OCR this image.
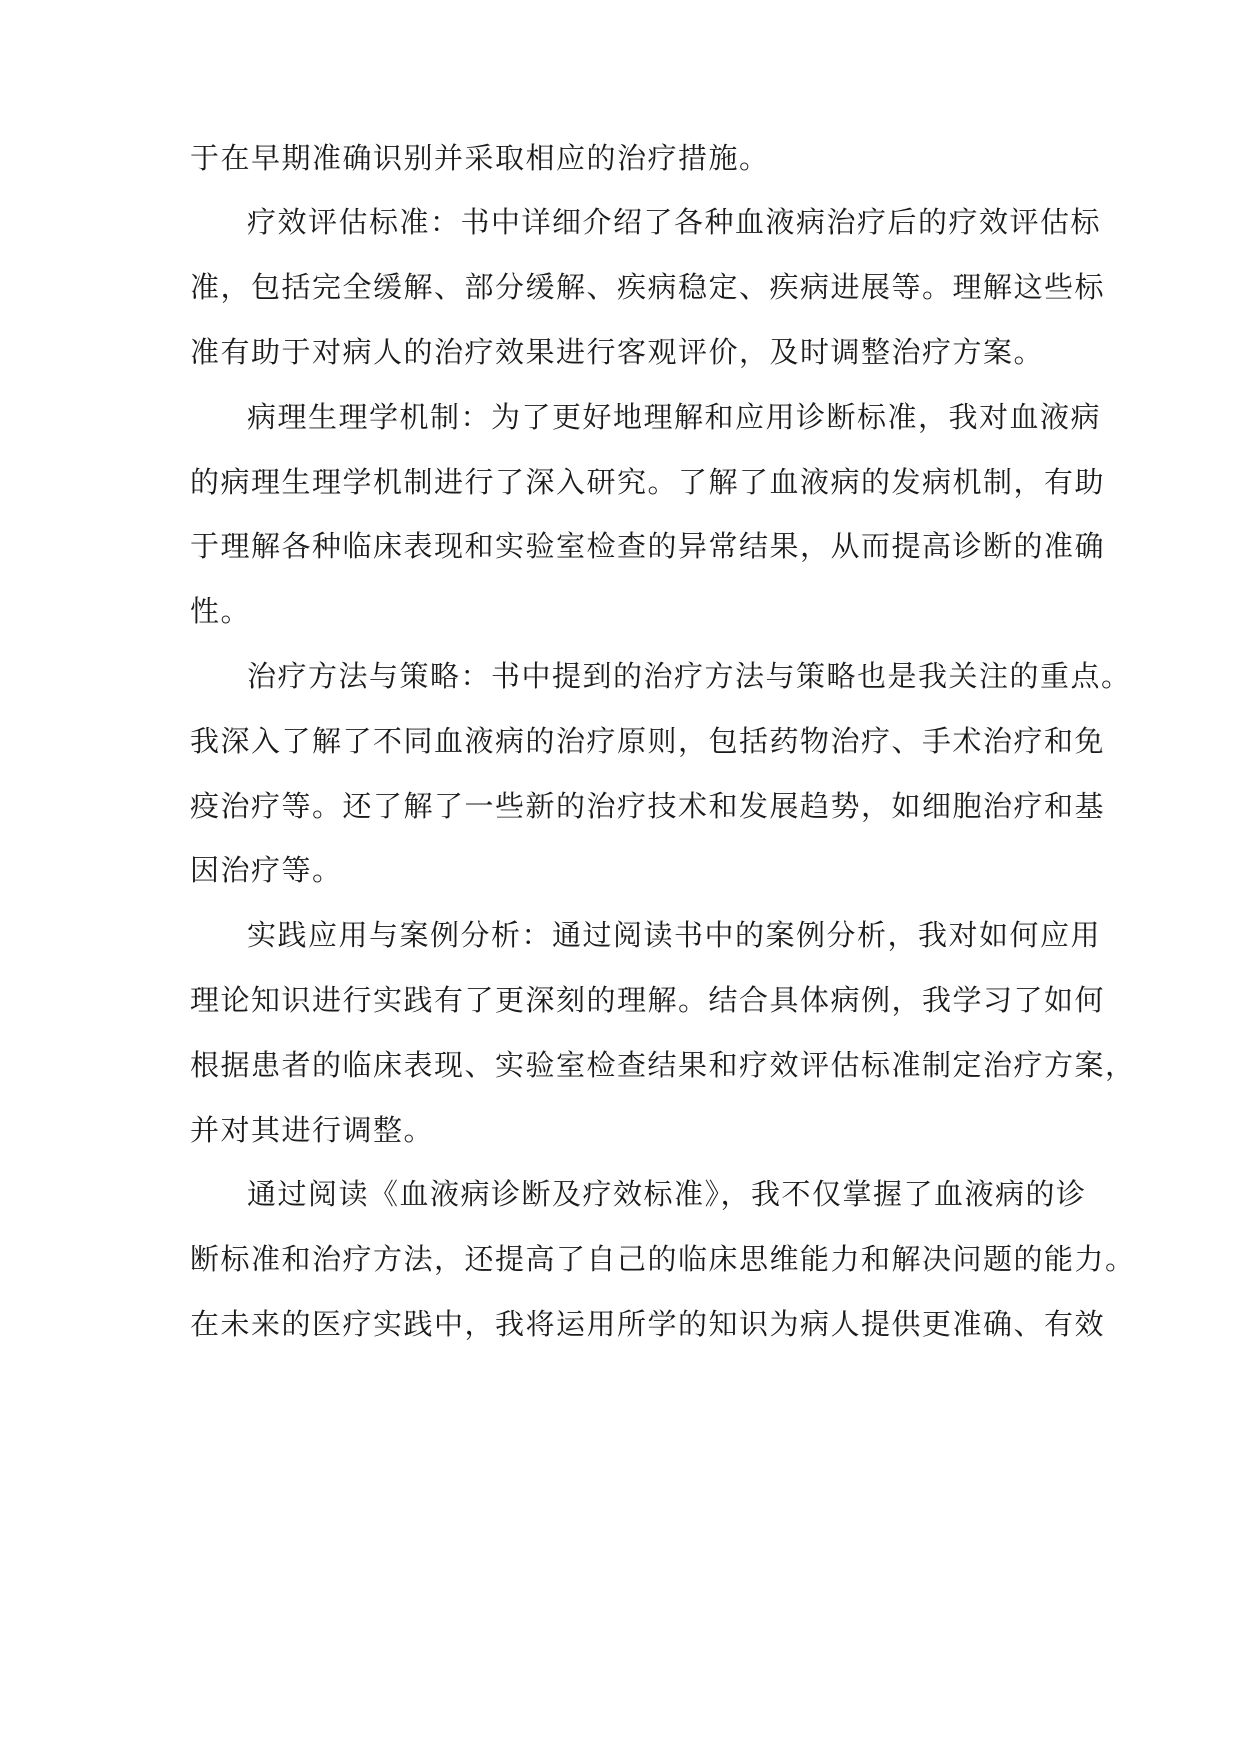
于在早期准确识别并采取相应的治疗措施。
疗效评估标准：书中详细介绍了各种血液病治疗后的疗效评估标
准，包括完全缓解、部分缓解、疾病稳定、疾病进展等。理解这些标
准有助于对病人的治疗效果进行客观评价，及时调整治疗方案。
病理生理学机制：为了更好地理解和应用诊断标准，我对血液病
的病理生理学机制进行了深入研究。了解了血液病的发病机制，有助
于理解各种临床表现和实验室检查的异常结果，从而提高诊断的准确
性。
治疗方法与策略：书中提到的治疗方法与策略也是我关注的重点。
我深入了解了不同血液病的治疗原则，包括药物治疗、手术治疗和免
疫治疗等。还了解了一些新的治疗技术和发展趋势，如细胞治疗和基
因治疗等。
实践应用与案例分析：通过阅读书中的案例分析，我对如何应用
理论知识进行实践有了更深刻的理解。结合具体病例，我学习了如何
根据患者的临床表现、实验室检查结果和疗效评估标准制定治疗方案，
并对其进行调整。
通过阅读《血液病诊断及疗效标准》，我不仅掌握了血液病的诊
断标准和治疗方法，还提高了自己的临床思维能力和解决问题的能力。
在未来的医疗实践中，我将运用所学的知识为病人提供更准确、有效
